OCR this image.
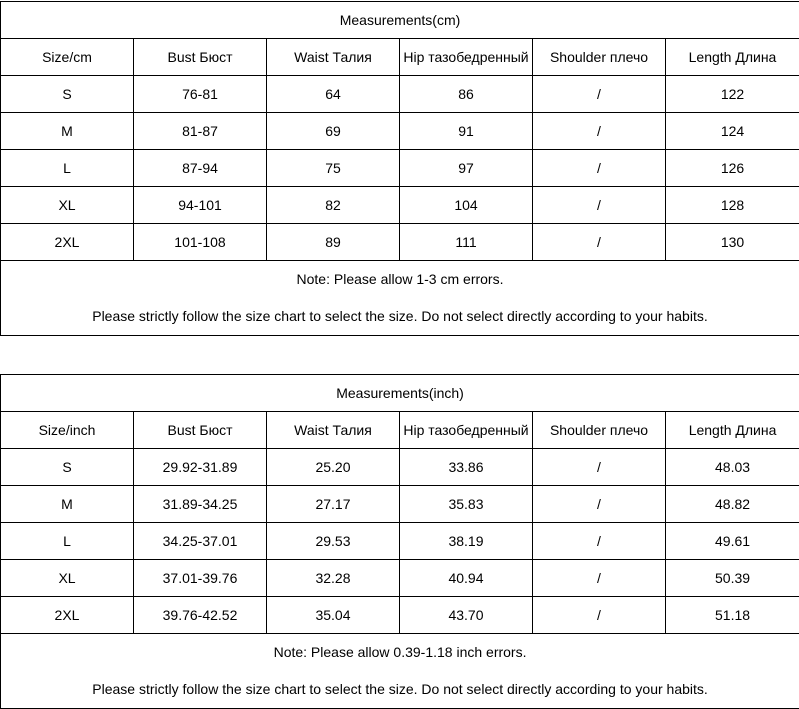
Measurements(cm)					
Size/cm	Bust Бюст	Waist Талия	Hip тазобедренный	Shoulder плечо	Length Длина
S	76-81	64	86	/	122
M	81-87	69	91	/	124
L	87-94	75	97	/	126
XL	94-101	82	104	/	128
2XL	101-108	89	111	/	130

Note: Please allow 1-3 cm errors.
Please strictly follow the size chart to select the size. Do not select directly according to your habits.					
Measurements(inch)					
Size/inch	Bust Бюст	Waist Талия	Hip тазобедренный	Shoulder плечо	Length Длина
S	29.92-31.89	25.20	33.86	/	48.03
M	31.89-34.25	27.17	35.83	/	48.82
L	34.25-37.01	29.53	38.19	/	49.61
XL	37.01-39.76	32.28	40.94	/	50.39
2XL	39.76-42.52	35.04	43.70	/	51.18

Note: Please allow 0.39-1.18 inch errors.
Please strictly follow the size chart to select the size. Do not select directly according to your habits.					
